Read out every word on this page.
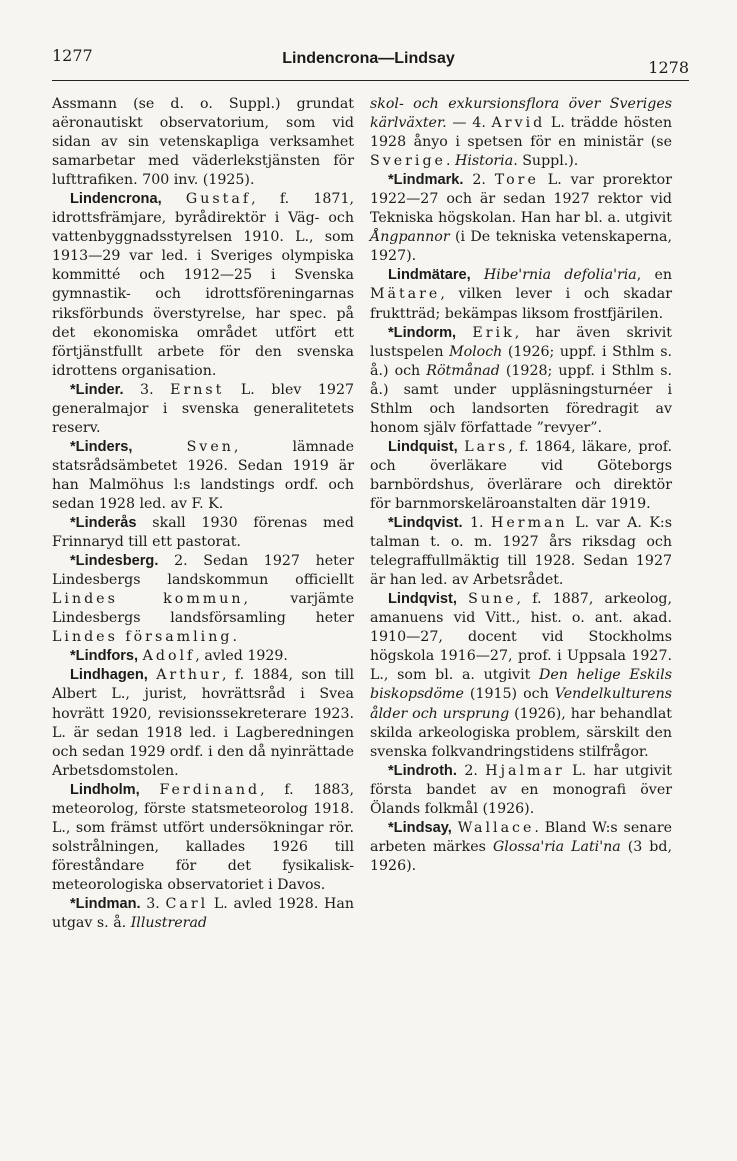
1277	Lindencrona—Lindsay	1278

Assmann (se d. o. Suppl.) grundat aëronautiskt observatorium, som vid sidan av sin vetenskapliga verksamhet samarbetar med väderlekstjänsten för lufttrafiken. 700 inv. (1925).

Lindencrona, Gustaf, f. 1871, idrottsfrämjare, byrådirektör i Väg- och vattenbyggnadsstyrelsen 1910. L., som 1913—29 var led. i Sveriges olympiska kommitté och 1912—25 i Svenska gymnastik- och idrottsföreningarnas riksförbunds överstyrelse, har spec. på det ekonomiska området utfört ett förtjänstfullt arbete för den svenska idrottens organisation.

*Linder. 3. Ernst L. blev 1927 generalmajor i svenska generalitetets reserv.

*Linders,	Sven, lämnade statsrådsämbetet 1926. Sedan 1919 är han Malmöhus l:s landstings ordf. och sedan 1928 led. av F. K.

*Linderås skall 1930 förenas med Frinnaryd till ett pastorat.

*Lindesberg. 2. Sedan 1927 heter Lindesbergs landskommun officiellt Lindes kommun, varjämte Lindesbergs landsförsamling heter Lindes församling.

*Lindfors, Adolf, avled 1929.

Lindhagen, Arthur, f. 1884, son till Albert L., jurist, hovrättsråd i Svea hovrätt 1920, revisionssekreterare 1923. L. är sedan 1918 led. i Lagberedningen och sedan 1929 ordf. i den då nyinrättade Arbetsdomstolen.

Lindholm, Ferdinand, f. 1883, meteorolog, förste statsmeteorolog 1918. L., som främst utfört undersökningar rör. solstrålningen, kallades 1926 till föreståndare för det fysikalisk-meteorologiska observatoriet i Davos.

*Lindman. 3. Carl L. avled 1928. Han utgav s. å. Illustrerad

skol- och exkursionsflora över Sveriges kärlväxter. — 4. Arvid L. trädde hösten 1928 ånyo i spetsen för en ministär (se Sverige. Historia. Suppl.).

*Lindmark. 2. Tore L. var prorektor 1922—27 och är sedan 1927 rektor vid Tekniska högskolan. Han har bl. a. utgivit Ångpannor (i De tekniska vetenskaperna, 1927).

Lindmätare, Hibe'rnia defolia'ria, en Mätare, vilken lever i och skadar fruktträd; bekämpas liksom frostfjärilen.

*Lindorm, Erik, har även skrivit lustspelen Moloch (1926; uppf. i Sthlm s. å.) och Rötmånad (1928; uppf. i Sthlm s. å.) samt under uppläsningsturnéer i Sthlm och landsorten föredragit av honom själv författade ”revyer”.

Lindquist, Lars, f. 1864, läkare, prof. och överläkare vid Göteborgs barnbördshus, överlärare och direktör för barnmorskeläroanstalten där 1919.

*Lindqvist. 1. Herman L. var A. K:s talman t. o. m. 1927 års riksdag och telegraffullmäktig till 1928. Sedan 1927 är han led. av Arbetsrådet.

Lindqvist, Sune, f. 1887, arkeolog, amanuens vid Vitt., hist. o. ant. akad. 1910—27, docent vid Stockholms högskola 1916—27, prof. i Uppsala 1927. L., som bl. a. utgivit Den helige Eskils biskopsdöme (1915) och Vendelkulturens ålder och ursprung (1926), har behandlat skilda arkeologiska problem, särskilt den svenska folkvandringstidens stilfrågor.

*Lindroth. 2. Hjalmar L. har utgivit första bandet av en monografi över Ölands folkmål (1926).

*Lindsay, Wallace. Bland W:s senare arbeten märkes Glossa'ria Lati'na (3 bd, 1926).
